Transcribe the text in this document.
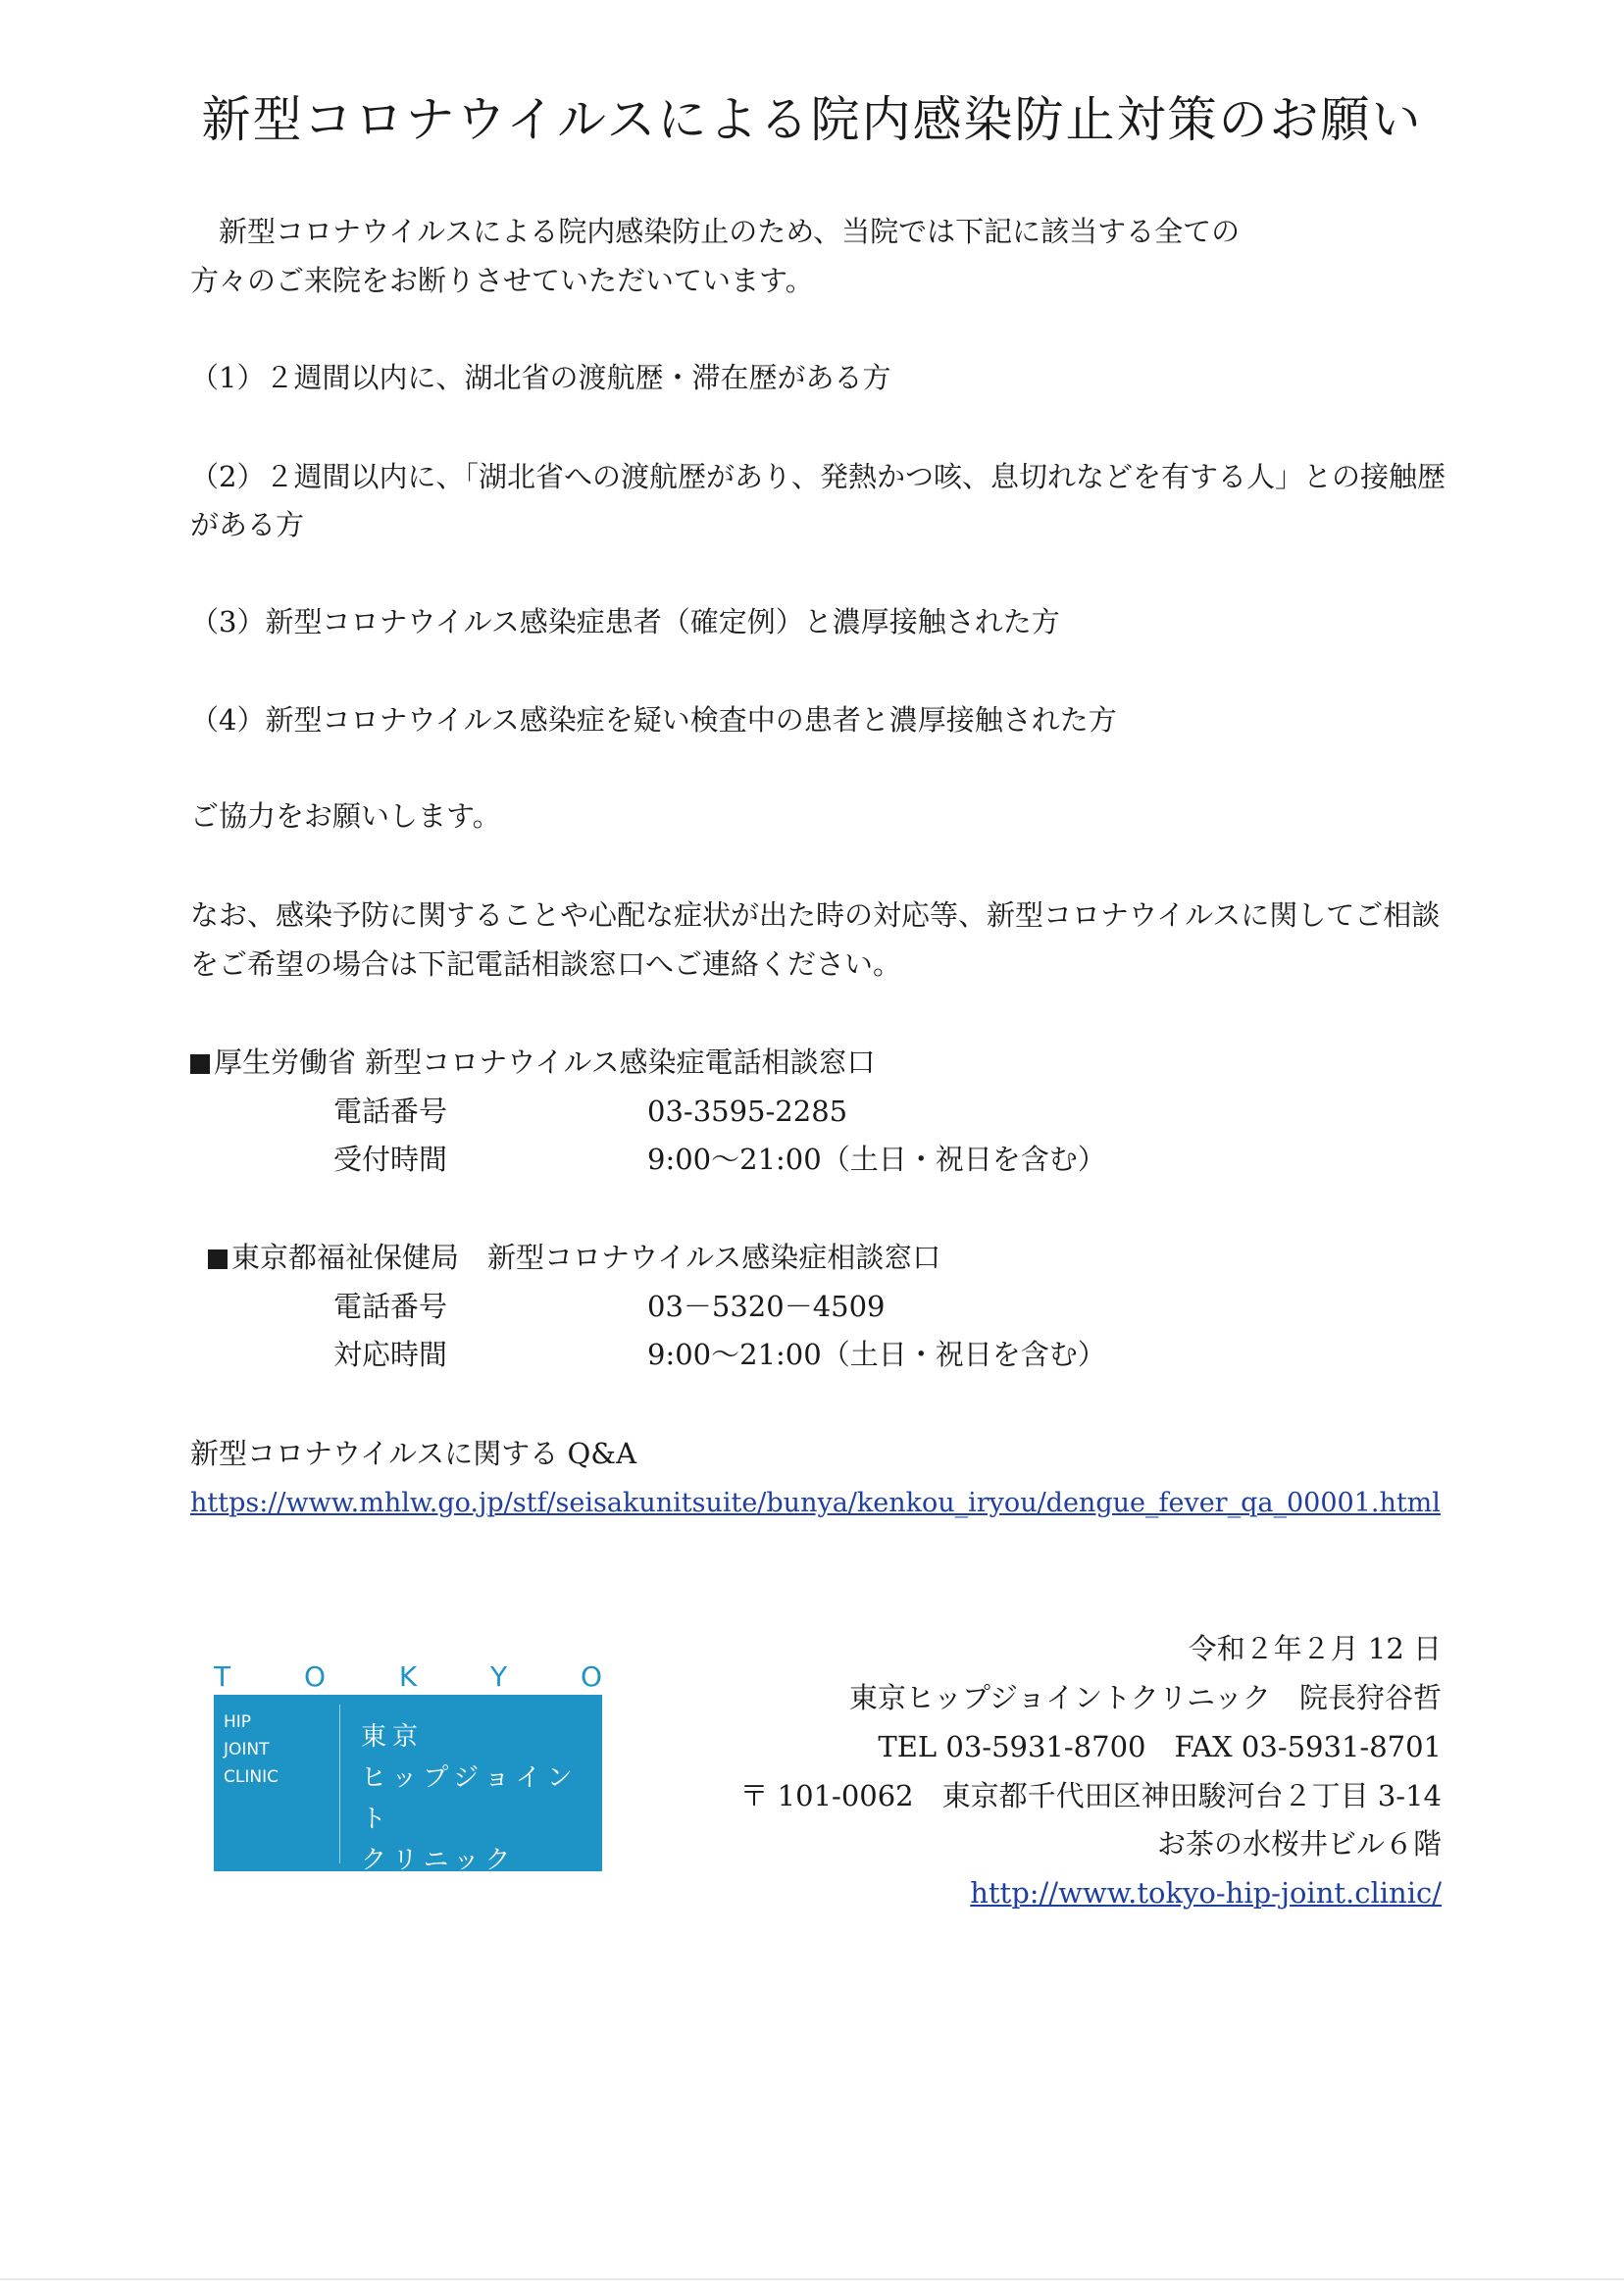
新型コロナウイルスによる院内感染防止対策のお願い
　新型コロナウイルスによる院内感染防止のため、当院では下記に該当する全ての
方々のご来院をお断りさせていただいています。
（1）２週間以内に、湖北省の渡航歴・滞在歴がある方
（2）２週間以内に、「湖北省への渡航歴があり、発熱かつ咳、息切れなどを有する人」との接触歴
がある方
（3）新型コロナウイルス感染症患者（確定例）と濃厚接触された方
（4）新型コロナウイルス感染症を疑い検査中の患者と濃厚接触された方
ご協力をお願いします。
なお、感染予防に関することや心配な症状が出た時の対応等、新型コロナウイルスに関してご相談
をご希望の場合は下記電話相談窓口へご連絡ください。
厚生労働省 新型コロナウイルス感染症電話相談窓口
電話番号	03-3595-2285
受付時間	9:00～21:00（土日・祝日を含む）
東京都福祉保健局　新型コロナウイルス感染症相談窓口
電話番号	03－5320－4509
対応時間	9:00～21:00（土日・祝日を含む）
新型コロナウイルスに関する Q&A
https://www.mhlw.go.jp/stf/seisakunitsuite/bunya/kenkou_iryou/dengue_fever_qa_00001.html
T	O	K	Y	O
HIP
JOINT
CLINIC
東京
ヒップジョイント
クリニック
令和２年２月 12 日
東京ヒップジョイントクリニック　院長狩谷哲
TEL 03-5931-8700　FAX 03-5931-8701
〒 101-0062　東京都千代田区神田駿河台２丁目 3-14
お茶の水桜井ビル６階
http://www.tokyo-hip-joint.clinic/
